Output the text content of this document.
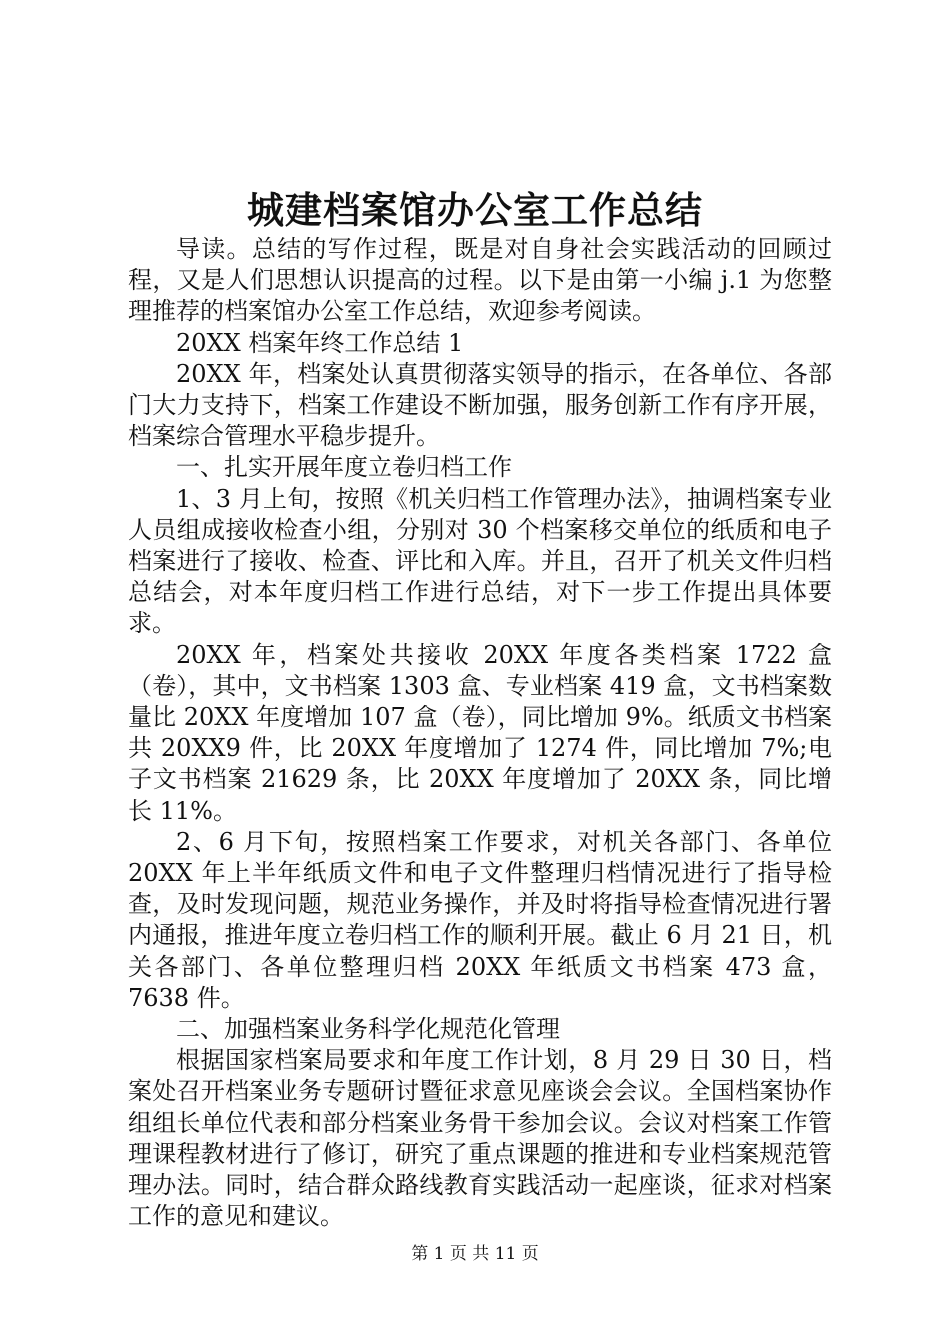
城建档案馆办公室工作总结

导读。总结的写作过程，既是对自身社会实践活动的回顾过程，又是人们思想认识提高的过程。以下是由第一小编 j.1 为您整理推荐的档案馆办公室工作总结，欢迎参考阅读。

20XX 档案年终工作总结 1

20XX 年，档案处认真贯彻落实领导的指示，在各单位、各部门大力支持下，档案工作建设不断加强，服务创新工作有序开展，档案综合管理水平稳步提升。

一、扎实开展年度立卷归档工作

1、3 月上旬，按照《机关归档工作管理办法》，抽调档案专业人员组成接收检查小组，分别对 30 个档案移交单位的纸质和电子档案进行了接收、检查、评比和入库。并且，召开了机关文件归档总结会，对本年度归档工作进行总结，对下一步工作提出具体要求。

20XX 年，档案处共接收 20XX 年度各类档案 1722 盒（卷），其中，文书档案 1303 盒、专业档案 419 盒，文书档案数量比 20XX 年度增加 107 盒（卷），同比增加 9%。纸质文书档案共 20XX9 件，比 20XX 年度增加了 1274 件，同比增加 7%;电子文书档案 21629 条，比 20XX 年度增加了 20XX 条，同比增长 11%。

2、6 月下旬，按照档案工作要求，对机关各部门、各单位 20XX 年上半年纸质文件和电子文件整理归档情况进行了指导检查，及时发现问题，规范业务操作，并及时将指导检查情况进行署内通报，推进年度立卷归档工作的顺利开展。截止 6 月 21 日，机关各部门、各单位整理归档 20XX 年纸质文书档案 473 盒，7638 件。

二、加强档案业务科学化规范化管理

根据国家档案局要求和年度工作计划，8 月 29 日 30 日，档案处召开档案业务专题研讨暨征求意见座谈会会议。全国档案协作组组长单位代表和部分档案业务骨干参加会议。会议对档案工作管理课程教材进行了修订，研究了重点课题的推进和专业档案规范管理办法。同时，结合群众路线教育实践活动一起座谈，征求对档案工作的意见和建议。

第 1 页 共 11 页
